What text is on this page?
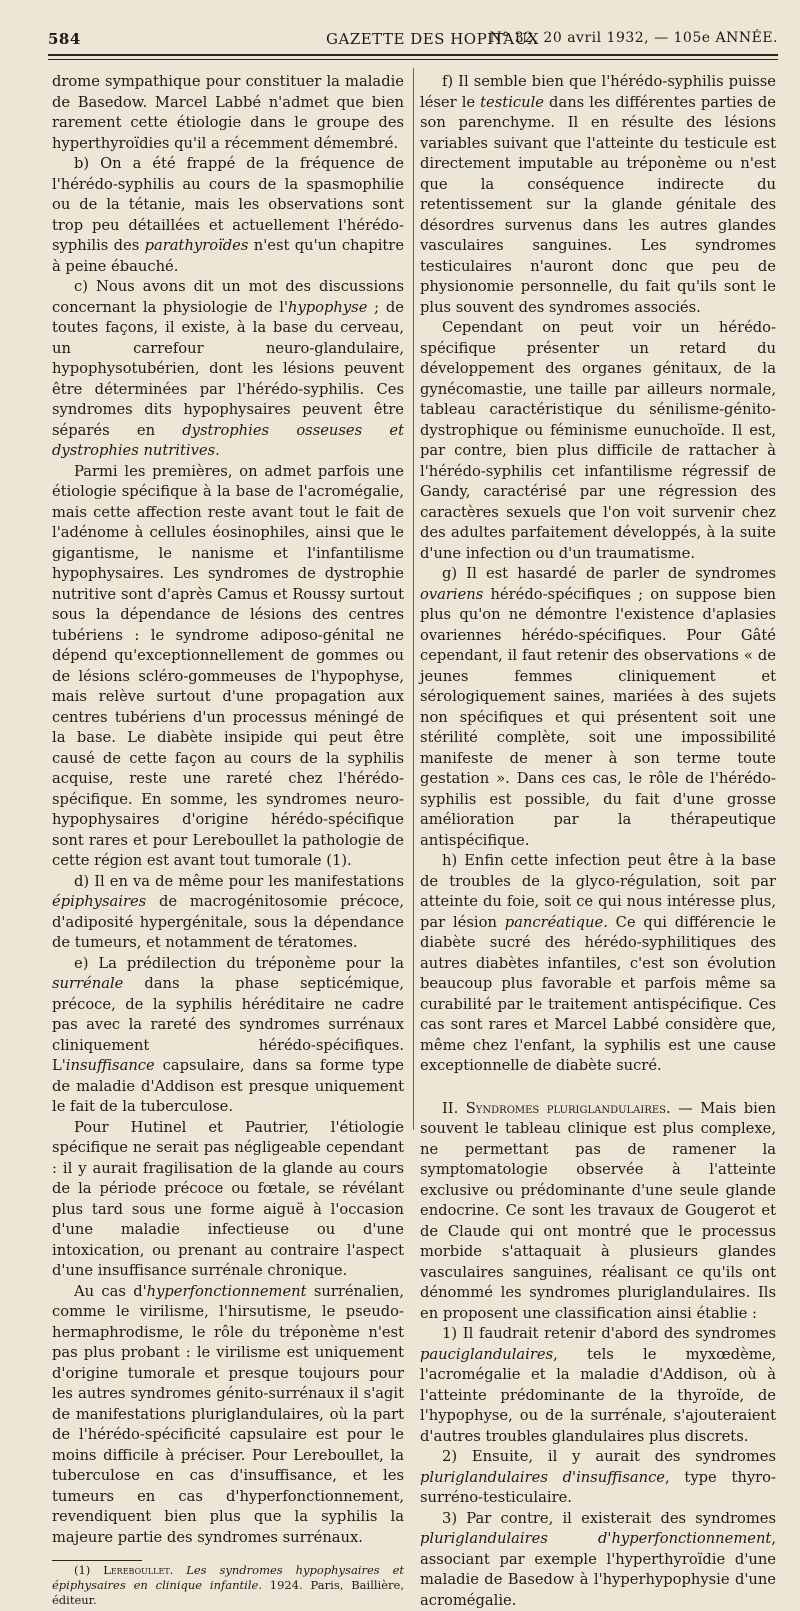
584	GAZETTE DES HOPITAUX
N° 32, 20 avril 1932, — 105e ANNÉE.

drome sympathique pour constituer la maladie de Basedow. Marcel Labbé n'admet que bien rarement cette étiologie dans le groupe des hyperthyroïdies qu'il a récemment démembré.

b) On a été frappé de la fréquence de l'hérédo-syphilis au cours de la spasmophilie ou de la tétanie, mais les observations sont trop peu détaillées et actuellement l'hérédo-syphilis des parathyroïdes n'est qu'un chapitre à peine ébauché.

c) Nous avons dit un mot des discussions concernant la physiologie de l'hypophyse ; de toutes façons, il existe, à la base du cerveau, un carrefour neuro-glandulaire, hypophysotubérien, dont les lésions peuvent être déterminées par l'hérédo-syphilis. Ces syndromes dits hypophysaires peuvent être séparés en dystrophies osseuses et dystrophies nutritives.

Parmi les premières, on admet parfois une étiologie spécifique à la base de l'acromégalie, mais cette affection reste avant tout le fait de l'adénome à cellules éosinophiles, ainsi que le gigantisme, le nanisme et l'infantilisme hypophysaires. Les syndromes de dystrophie nutritive sont d'après Camus et Roussy surtout sous la dépendance de lésions des centres tubériens : le syndrome adiposo-génital ne dépend qu'exceptionnellement de gommes ou de lésions scléro-gommeuses de l'hypophyse, mais relève surtout d'une propagation aux centres tubériens d'un processus méningé de la base. Le diabète insipide qui peut être causé de cette façon au cours de la syphilis acquise, reste une rareté chez l'hérédo-spécifique. En somme, les syndromes neuro-hypophysaires d'origine hérédo-spécifique sont rares et pour Lereboullet la pathologie de cette région est avant tout tumorale (1).

d) Il en va de même pour les manifestations épiphysaires de macrogénitosomie précoce, d'adiposité hypergénitale, sous la dépendance de tumeurs, et notamment de tératomes.

e) La prédilection du tréponème pour la surrénale dans la phase septicémique, précoce, de la syphilis héréditaire ne cadre pas avec la rareté des syndromes surrénaux cliniquement hérédo-spécifiques. L'insuffisance capsulaire, dans sa forme type de maladie d'Addison est presque uniquement le fait de la tuberculose.

Pour Hutinel et Pautrier, l'étiologie spécifique ne serait pas négligeable cependant : il y aurait fragilisation de la glande au cours de la période précoce ou fœtale, se révélant plus tard sous une forme aiguë à l'occasion d'une maladie infectieuse ou d'une intoxication, ou prenant au contraire l'aspect d'une insuffisance surrénale chronique.

Au cas d'hyperfonctionnement surrénalien, comme le virilisme, l'hirsutisme, le pseudo-hermaphrodisme, le rôle du tréponème n'est pas plus probant : le virilisme est uniquement d'origine tumorale et presque toujours pour les autres syndromes génito-surrénaux il s'agit de manifestations pluriglandulaires, où la part de l'hérédo-spécificité capsulaire est pour le moins difficile à préciser. Pour Lereboullet, la tuberculose en cas d'insuffisance, et les tumeurs en cas d'hyperfonctionnement, revendiquent bien plus que la syphilis la majeure partie des syndromes surrénaux.

(1) Lereboullet. Les syndromes hypophysaires et épiphysaires en clinique infantile. 1924. Paris, Baillière, éditeur.

f) Il semble bien que l'hérédo-syphilis puisse léser le testicule dans les différentes parties de son parenchyme. Il en résulte des lésions variables suivant que l'atteinte du testicule est directement imputable au tréponème ou n'est que la conséquence indirecte du retentissement sur la glande génitale des désordres survenus dans les autres glandes vasculaires sanguines. Les syndromes testiculaires n'auront donc que peu de physionomie personnelle, du fait qu'ils sont le plus souvent des syndromes associés.

Cependant on peut voir un hérédo-spécifique présenter un retard du développement des organes génitaux, de la gynécomastie, une taille par ailleurs normale, tableau caractéristique du sénilisme-génito-dystrophique ou féminisme eunuchoïde. Il est, par contre, bien plus difficile de rattacher à l'hérédo-syphilis cet infantilisme régressif de Gandy, caractérisé par une régression des caractères sexuels que l'on voit survenir chez des adultes parfaitement développés, à la suite d'une infection ou d'un traumatisme.

g) Il est hasardé de parler de syndromes ovariens hérédo-spécifiques ; on suppose bien plus qu'on ne démontre l'existence d'aplasies ovariennes hérédo-spécifiques. Pour Gâté cependant, il faut retenir des observations « de jeunes femmes cliniquement et sérologiquement saines, mariées à des sujets non spécifiques et qui présentent soit une stérilité complète, soit une impossibilité manifeste de mener à son terme toute gestation ». Dans ces cas, le rôle de l'hérédo-syphilis est possible, du fait d'une grosse amélioration par la thérapeutique antispécifique.

h) Enfin cette infection peut être à la base de troubles de la glyco-régulation, soit par atteinte du foie, soit ce qui nous intéresse plus, par lésion pancréatique. Ce qui différencie le diabète sucré des hérédo-syphilitiques des autres diabètes infantiles, c'est son évolution beaucoup plus favorable et parfois même sa curabilité par le traitement antispécifique. Ces cas sont rares et Marcel Labbé considère que, même chez l'enfant, la syphilis est une cause exceptionnelle de diabète sucré.

II. Syndromes pluriglandulaires. — Mais bien souvent le tableau clinique est plus complexe, ne permettant pas de ramener la symptomatologie observée à l'atteinte exclusive ou prédominante d'une seule glande endocrine. Ce sont les travaux de Gougerot et de Claude qui ont montré que le processus morbide s'attaquait à plusieurs glandes vasculaires sanguines, réalisant ce qu'ils ont dénommé les syndromes pluriglandulaires. Ils en proposent une classification ainsi établie :

1) Il faudrait retenir d'abord des syndromes pauciglandulaires, tels le myxœdème, l'acromégalie et la maladie d'Addison, où à l'atteinte prédominante de la thyroïde, de l'hypophyse, ou de la surrénale, s'ajouteraient d'autres troubles glandulaires plus discrets.

2) Ensuite, il y aurait des syndromes pluriglandulaires d'insuffisance, type thyro-surréno-testiculaire.

3) Par contre, il existerait des syndromes pluriglandulaires d'hyperfonctionnement, associant par exemple l'hyperthyroïdie d'une maladie de Basedow à l'hyperhypophysie d'une acromégalie.
